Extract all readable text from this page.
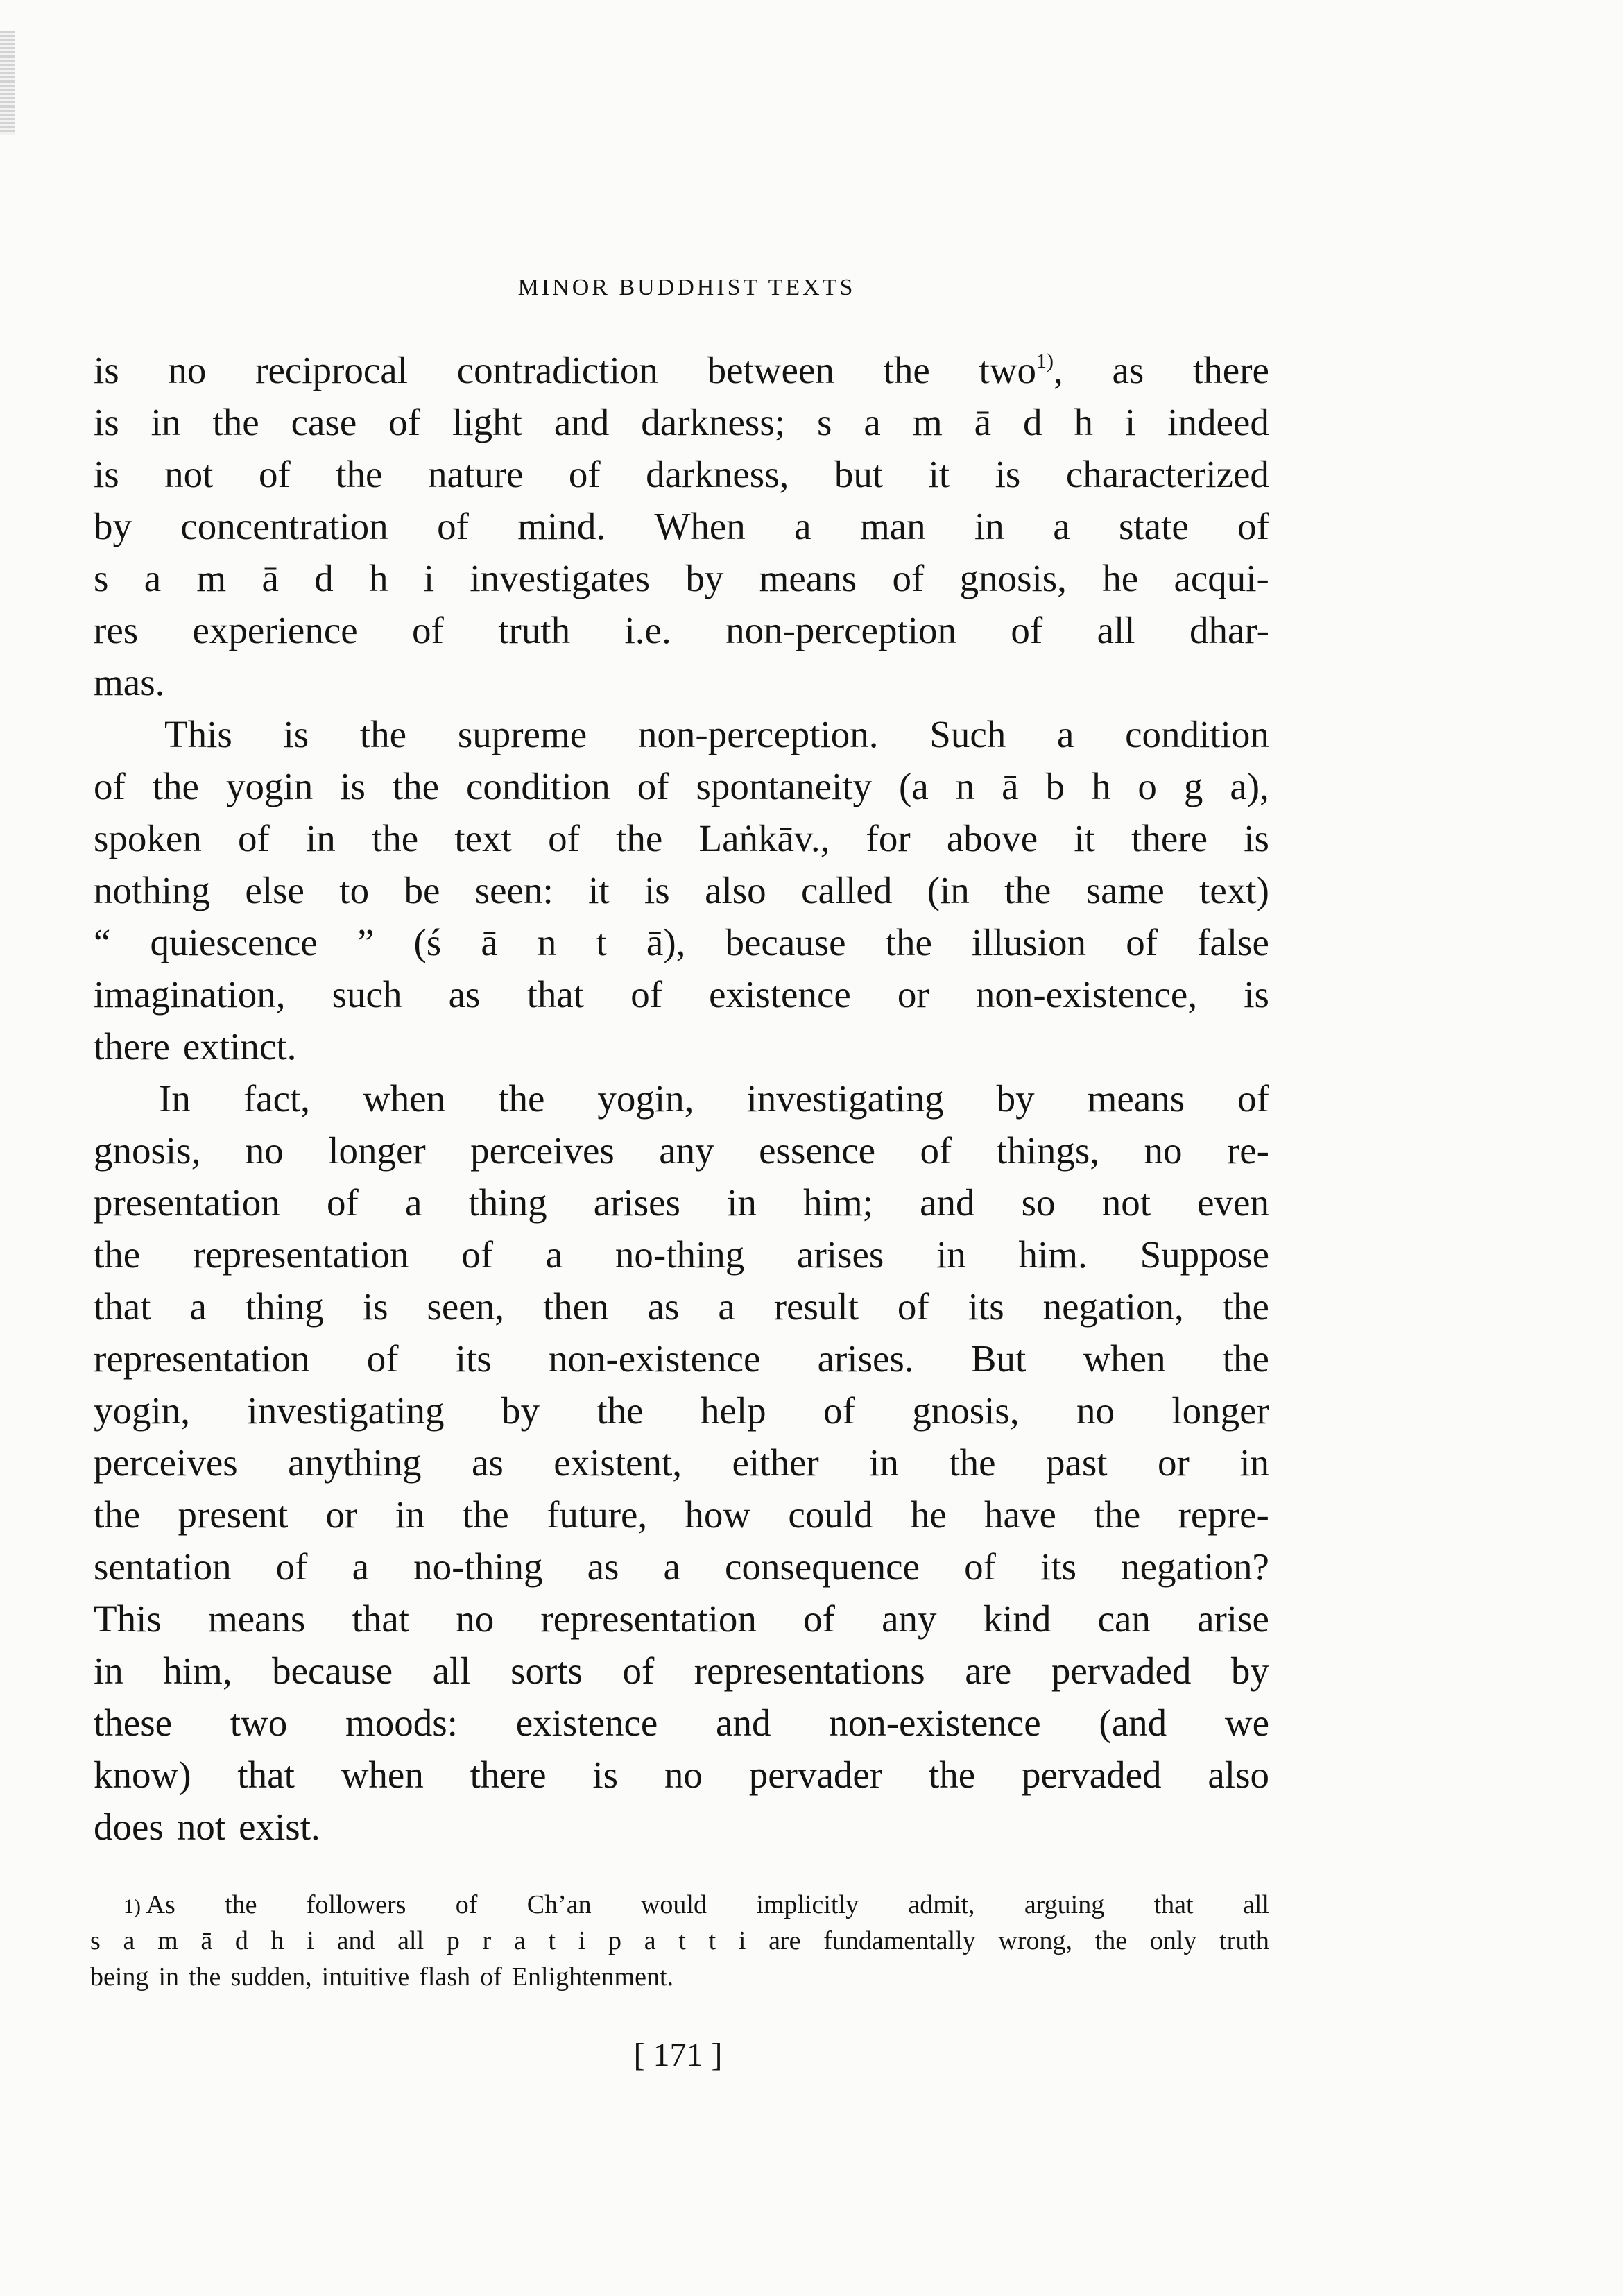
MINOR BUDDHIST TEXTS
is no reciprocal contradiction between the two$^{1)}$, as there
is in the case of light and darkness; s a m ā d h i indeed
is not of the nature of darkness, but it is characterized
by concentration of mind. When a man in a state of
s a m ā d h i investigates by means of gnosis, he acqui-
res experience of truth i.e. non-perception of all dhar-
mas.
This is the supreme non-perception. Such a condition
of the yogin is the condition of spontaneity (a n ā b h o g a),
spoken of in the text of the Laṅkāv., for above it there is
nothing else to be seen: it is also called (in the same text)
“ quiescence ” (ś ā n t ā), because the illusion of false
imagination, such as that of existence or non-existence, is
there extinct.
In fact, when the yogin, investigating by means of
gnosis, no longer perceives any essence of things, no re-
presentation of a thing arises in him; and so not even
the representation of a no-thing arises in him. Suppose
that a thing is seen, then as a result of its negation, the
representation of its non-existence arises. But when the
yogin, investigating by the help of gnosis, no longer
perceives anything as existent, either in the past or in
the present or in the future, how could he have the repre-
sentation of a no-thing as a consequence of its negation?
This means that no representation of any kind can arise
in him, because all sorts of representations are pervaded by
these two moods: existence and non-existence (and we
know) that when there is no pervader the pervaded also
does not exist.
1) As the followers of Ch’an would implicitly admit, arguing that all
s a m ā d h i and all p r a t i p a t t i are fundamentally wrong, the only truth
being in the sudden, intuitive flash of Enlightenment.
[ 171 ]
